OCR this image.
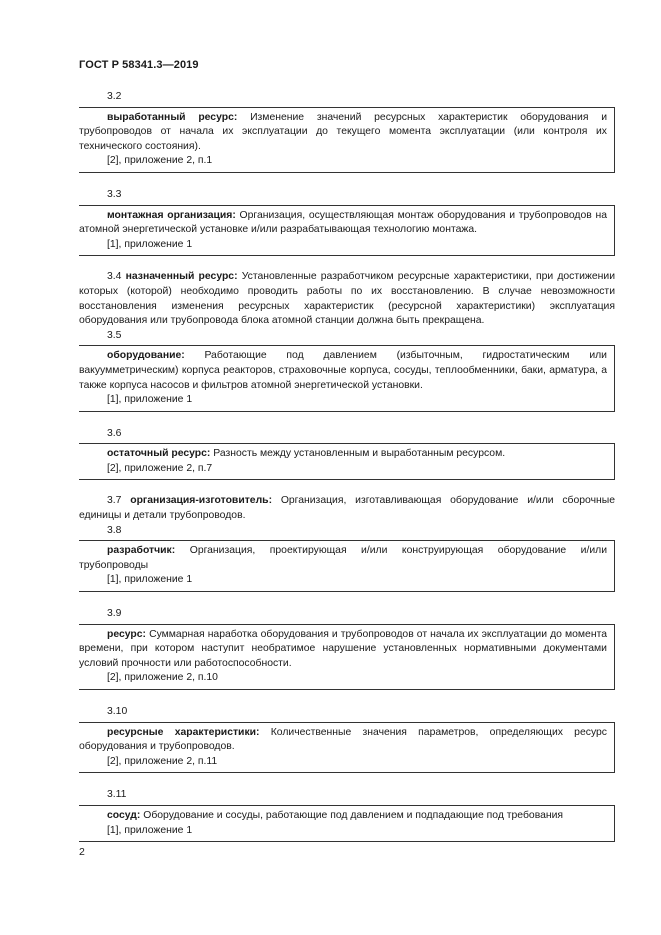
ГОСТ Р 58341.3—2019
3.2

выработанный ресурс: Изменение значений ресурсных характеристик оборудования и трубопроводов от начала их эксплуатации до текущего момента эксплуатации (или контроля их технического состояния).

[2], приложение 2, п.1

3.3

монтажная организация: Организация, осуществляющая монтаж оборудования и трубопроводов на атомной энергетической установке и/или разрабатывающая технологию монтажа.

[1], приложение 1

3.4 назначенный ресурс: Установленные разработчиком ресурсные характеристики, при достижении которых (которой) необходимо проводить работы по их восстановлению. В случае невозможности восстановления изменения ресурсных характеристик (ресурсной характеристики) эксплуатация оборудования или трубопровода блока атомной станции должна быть прекращена.

3.5

оборудование: Работающие под давлением (избыточным, гидростатическим или вакуумметрическим) корпуса реакторов, страховочные корпуса, сосуды, теплообменники, баки, арматура, а также корпуса насосов и фильтров атомной энергетической установки.

[1], приложение 1

3.6

остаточный ресурс: Разность между установленным и выработанным ресурсом.

[2], приложение 2, п.7

3.7 организация-изготовитель: Организация, изготавливающая оборудование и/или сборочные единицы и детали трубопроводов.

3.8

разработчик: Организация, проектирующая и/или конструирующая оборудование и/или трубопроводы

[1], приложение 1

3.9

ресурс: Суммарная наработка оборудования и трубопроводов от начала их эксплуатации до момента времени, при котором наступит необратимое нарушение установленных нормативными документами условий прочности или работоспособности.

[2], приложение 2, п.10

3.10

ресурсные характеристики: Количественные значения параметров, определяющих ресурс оборудования и трубопроводов.

[2], приложение 2, п.11

3.11

сосуд: Оборудование и сосуды, работающие под давлением и подпадающие под требования

[1], приложение 1

2
